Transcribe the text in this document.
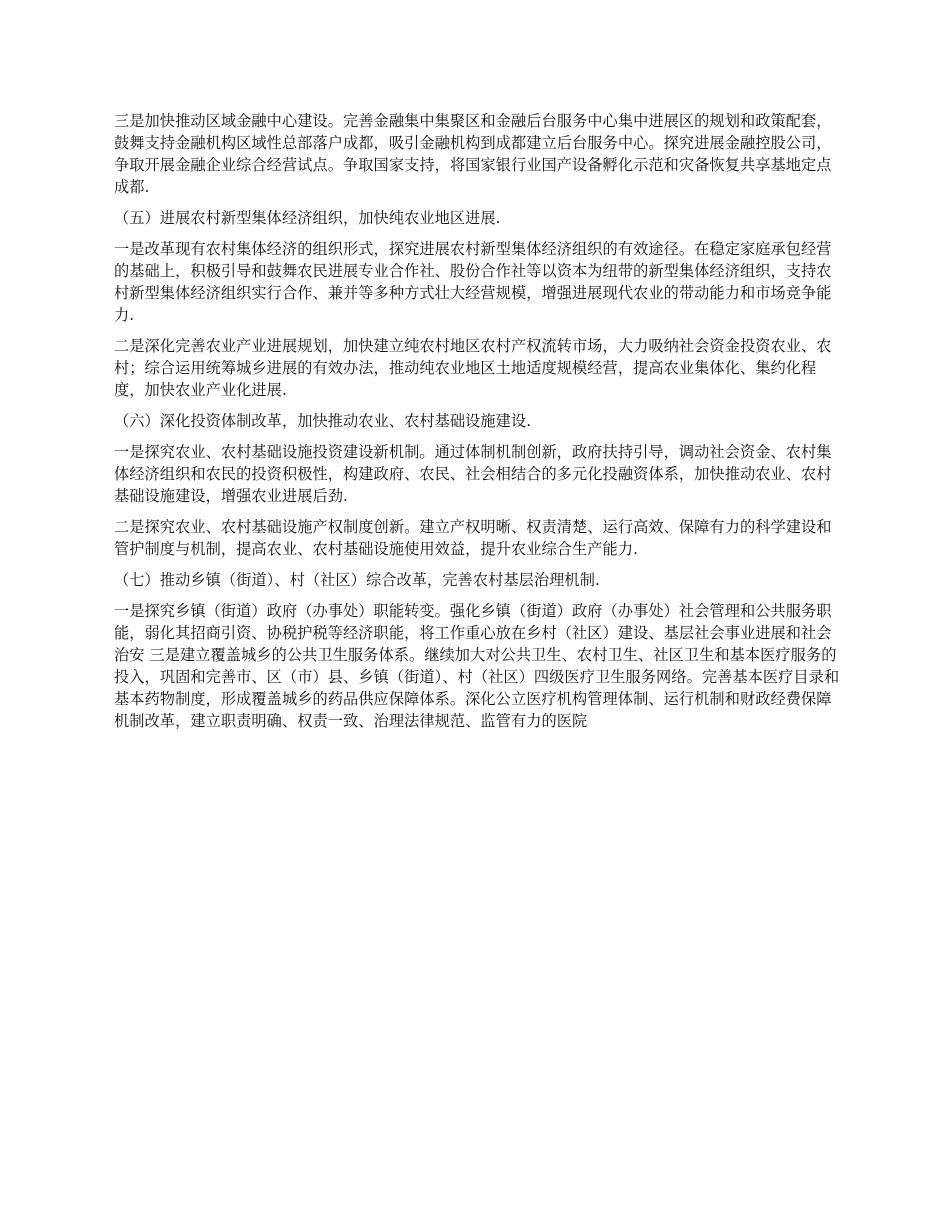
三是加快推动区域金融中心建设。完善金融集中集聚区和金融后台服务中心集中进展区的规划和政策配套，鼓舞支持金融机构区域性总部落户成都，吸引金融机构到成都建立后台服务中心。探究进展金融控股公司，争取开展金融企业综合经营试点。争取国家支持，将国家银行业国产设备孵化示范和灾备恢复共享基地定点成都.

（五）进展农村新型集体经济组织，加快纯农业地区进展.

一是改革现有农村集体经济的组织形式，探究进展农村新型集体经济组织的有效途径。在稳定家庭承包经营的基础上，积极引导和鼓舞农民进展专业合作社、股份合作社等以资本为纽带的新型集体经济组织，支持农村新型集体经济组织实行合作、兼并等多种方式壮大经营规模，增强进展现代农业的带动能力和市场竞争能力.

二是深化完善农业产业进展规划，加快建立纯农村地区农村产权流转市场，大力吸纳社会资金投资农业、农村；综合运用统筹城乡进展的有效办法，推动纯农业地区土地适度规模经营，提高农业集体化、集约化程度，加快农业产业化进展.

（六）深化投资体制改革，加快推动农业、农村基础设施建设.

一是探究农业、农村基础设施投资建设新机制。通过体制机制创新，政府扶持引导，调动社会资金、农村集体经济组织和农民的投资积极性，构建政府、农民、社会相结合的多元化投融资体系，加快推动农业、农村基础设施建设，增强农业进展后劲.

二是探究农业、农村基础设施产权制度创新。建立产权明晰、权责清楚、运行高效、保障有力的科学建设和管护制度与机制，提高农业、农村基础设施使用效益，提升农业综合生产能力.

（七）推动乡镇（街道）、村（社区）综合改革，完善农村基层治理机制.

一是探究乡镇（街道）政府（办事处）职能转变。强化乡镇（街道）政府（办事处）社会管理和公共服务职能，弱化其招商引资、协税护税等经济职能，将工作重心放在乡村（社区）建设、基层社会事业进展和社会治安 三是建立覆盖城乡的公共卫生服务体系。继续加大对公共卫生、农村卫生、社区卫生和基本医疗服务的投入，巩固和完善市、区（市）县、乡镇（街道）、村（社区）四级医疗卫生服务网络。完善基本医疗目录和基本药物制度，形成覆盖城乡的药品供应保障体系。深化公立医疗机构管理体制、运行机制和财政经费保障机制改革，建立职责明确、权责一致、治理法律规范、监管有力的医院
